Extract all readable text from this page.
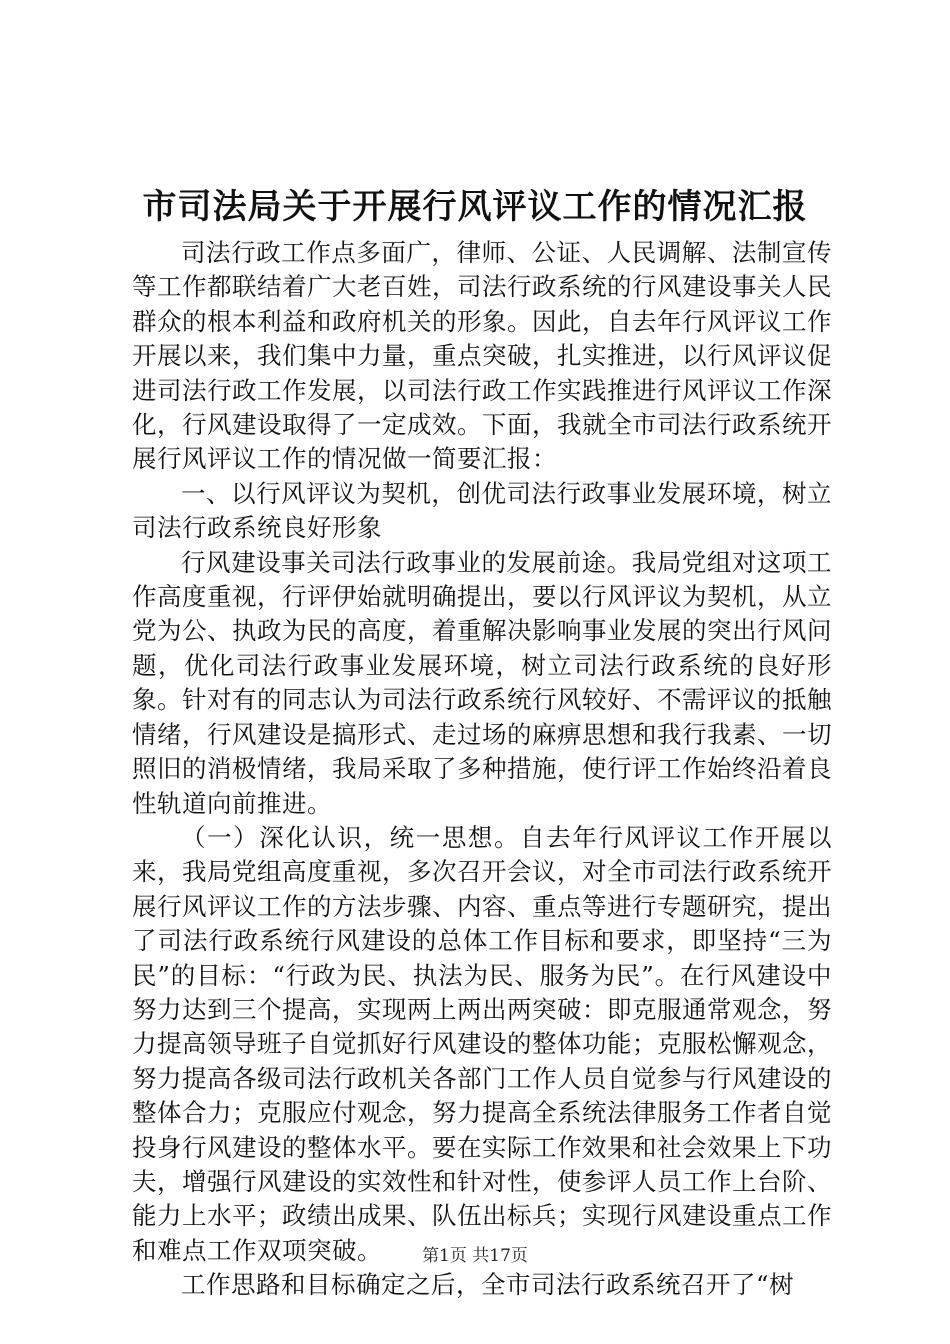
市司法局关于开展行风评议工作的情况汇报

司法行政工作点多面广，律师、公证、人民调解、法制宣传等工作都联结着广大老百姓，司法行政系统的行风建设事关人民群众的根本利益和政府机关的形象。因此，自去年行风评议工作开展以来，我们集中力量，重点突破，扎实推进，以行风评议促进司法行政工作发展，以司法行政工作实践推进行风评议工作深化，行风建设取得了一定成效。下面，我就全市司法行政系统开展行风评议工作的情况做一简要汇报：

一、以行风评议为契机，创优司法行政事业发展环境，树立司法行政系统良好形象

行风建设事关司法行政事业的发展前途。我局党组对这项工作高度重视，行评伊始就明确提出，要以行风评议为契机，从立党为公、执政为民的高度，着重解决影响事业发展的突出行风问题，优化司法行政事业发展环境，树立司法行政系统的良好形象。针对有的同志认为司法行政系统行风较好、不需评议的抵触情绪，行风建设是搞形式、走过场的麻痹思想和我行我素、一切照旧的消极情绪，我局采取了多种措施，使行评工作始终沿着良性轨道向前推进。

（一）深化认识，统一思想。自去年行风评议工作开展以来，我局党组高度重视，多次召开会议，对全市司法行政系统开展行风评议工作的方法步骤、内容、重点等进行专题研究，提出了司法行政系统行风建设的总体工作目标和要求，即坚持“三为民”的目标：“行政为民、执法为民、服务为民”。在行风建设中努力达到三个提高，实现两上两出两突破：即克服通常观念，努力提高领导班子自觉抓好行风建设的整体功能；克服松懈观念，努力提高各级司法行政机关各部门工作人员自觉参与行风建设的整体合力；克服应付观念，努力提高全系统法律服务工作者自觉投身行风建设的整体水平。要在实际工作效果和社会效果上下功夫，增强行风建设的实效性和针对性，使参评人员工作上台阶、能力上水平；政绩出成果、队伍出标兵；实现行风建设重点工作和难点工作双项突破。

工作思路和目标确定之后，全市司法行政系统召开了“树

第1页 共17页
